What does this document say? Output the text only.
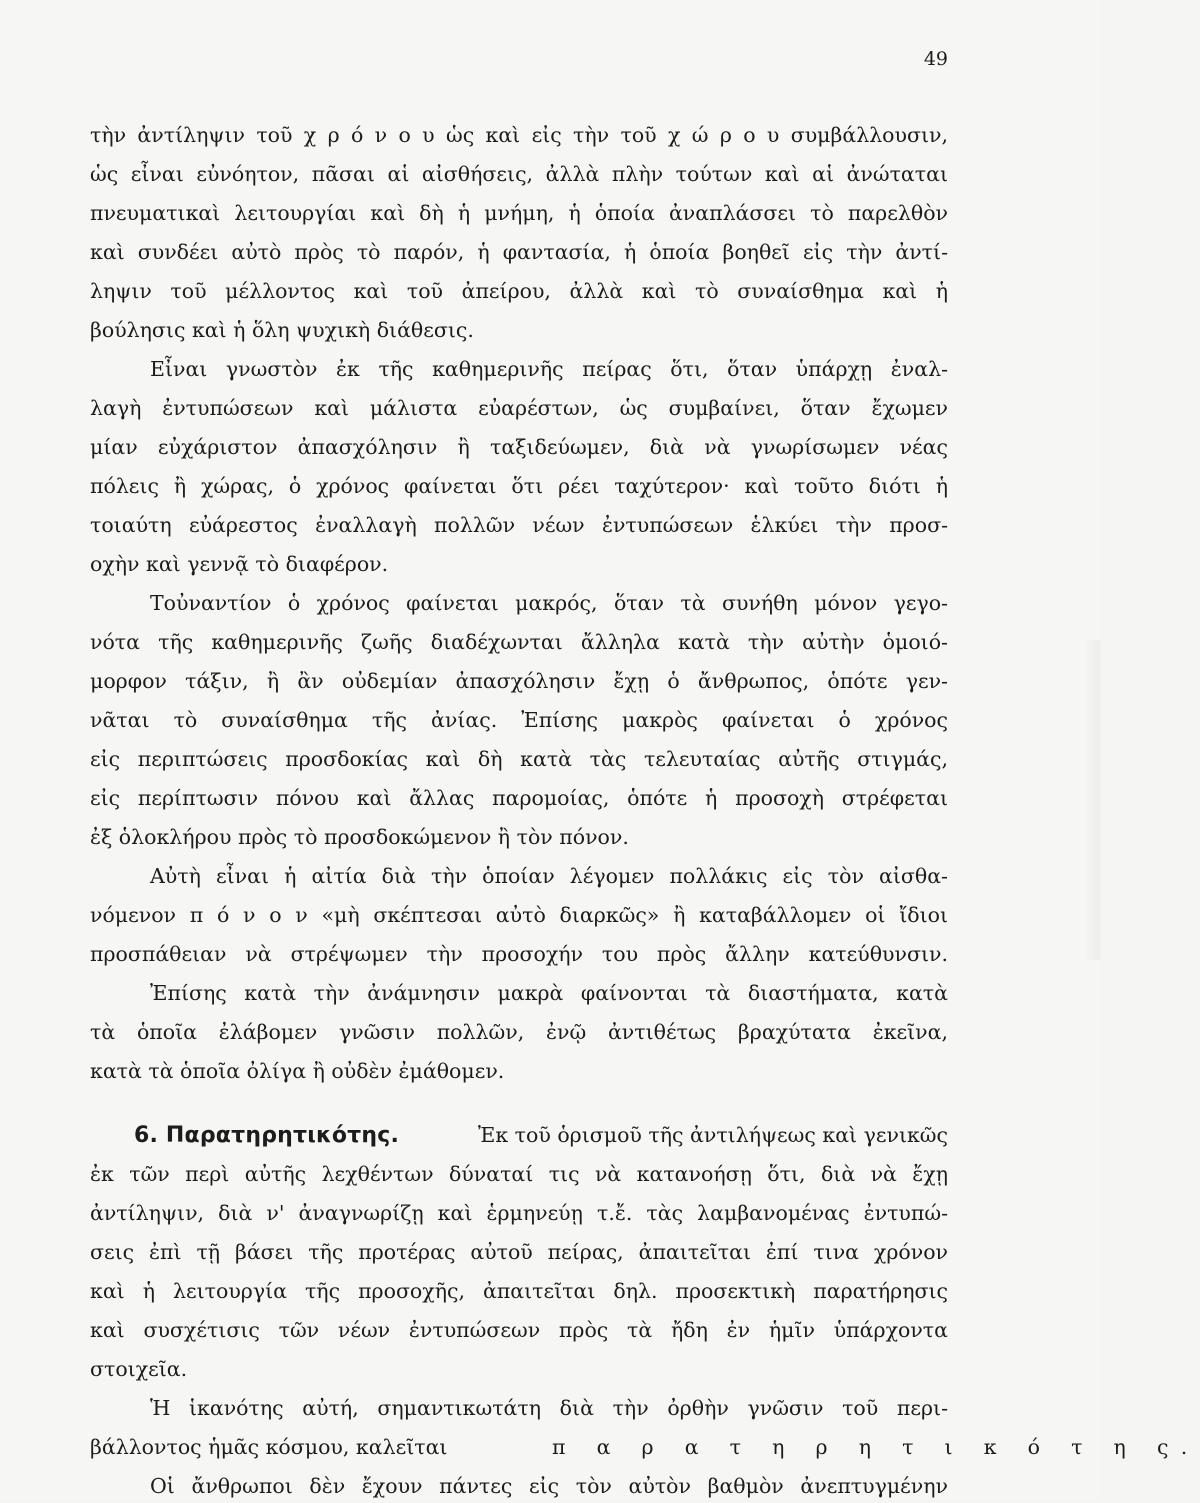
49
τὴν ἀντίληψιν τοῦ χ ρ ό ν ο υ ὡς καὶ εἰς τὴν τοῦ χ ώ ρ ο υ συμβάλλουσιν,
ὡς εἶναι εὐνόητον, πᾶσαι αἱ αἰσθήσεις, ἀλλὰ πλὴν τούτων καὶ αἱ ἀνώταται
πνευματικαὶ λειτουργίαι καὶ δὴ ἡ μνήμη, ἡ ὁποία ἀναπλάσσει τὸ παρελθὸν
καὶ συνδέει αὐτὸ πρὸς τὸ παρόν, ἡ φαντασία, ἡ ὁποία βοηθεῖ εἰς τὴν ἀντί-
ληψιν τοῦ μέλλοντος καὶ τοῦ ἀπείρου, ἀλλὰ καὶ τὸ συναίσθημα καὶ ἡ
βούλησις καὶ ἡ ὅλη ψυχικὴ διάθεσις.
Εἶναι γνωστὸν ἐκ τῆς καθημερινῆς πείρας ὅτι, ὅταν ὑπάρχῃ ἐναλ-
λαγὴ ἐντυπώσεων καὶ μάλιστα εὐαρέστων, ὡς συμβαίνει, ὅταν ἔχωμεν
μίαν εὐχάριστον ἀπασχόλησιν ἢ ταξιδεύωμεν, διὰ νὰ γνωρίσωμεν νέας
πόλεις ἢ χώρας, ὁ χρόνος φαίνεται ὅτι ρέει ταχύτερον· καὶ τοῦτο διότι ἡ
τοιαύτη εὐάρεστος ἐναλλαγὴ πολλῶν νέων ἐντυπώσεων ἑλκύει τὴν προσ-
οχὴν καὶ γεννᾷ τὸ διαφέρον.
Τοὐναντίον ὁ χρόνος φαίνεται μακρός, ὅταν τὰ συνήθη μόνον γεγο-
νότα τῆς καθημερινῆς ζωῆς διαδέχωνται ἄλληλα κατὰ τὴν αὐτὴν ὁμοιό-
μορφον τάξιν, ἢ ἂν οὐδεμίαν ἀπασχόλησιν ἔχῃ ὁ ἄνθρωπος, ὁπότε γεν-
νᾶται τὸ συναίσθημα τῆς ἀνίας. Ἐπίσης μακρὸς φαίνεται ὁ χρόνος
εἰς περιπτώσεις προσδοκίας καὶ δὴ κατὰ τὰς τελευταίας αὐτῆς στιγμάς,
εἰς περίπτωσιν πόνου καὶ ἄλλας παρομοίας, ὁπότε ἡ προσοχὴ στρέφεται
ἐξ ὁλοκλήρου πρὸς τὸ προσδοκώμενον ἢ τὸν πόνον.
Αὐτὴ εἶναι ἡ αἰτία διὰ τὴν ὁποίαν λέγομεν πολλάκις εἰς τὸν αἰσθα-
νόμενον π ό ν ο ν «μὴ σκέπτεσαι αὐτὸ διαρκῶς» ἢ καταβάλλομεν οἱ ἴδιοι
προσπάθειαν νὰ στρέψωμεν τὴν προσοχήν του πρὸς ἄλλην κατεύθυνσιν.
Ἐπίσης κατὰ τὴν ἀνάμνησιν μακρὰ φαίνονται τὰ διαστήματα, κατὰ
τὰ ὁποῖα ἐλάβομεν γνῶσιν πολλῶν, ἐνῷ ἀντιθέτως βραχύτατα ἐκεῖνα,
κατὰ τὰ ὁποῖα ὀλίγα ἢ οὐδὲν ἐμάθομεν.
6. Παρατηρητικότης.	Ἐκ τοῦ ὁρισμοῦ τῆς ἀντιλήψεως καὶ γενικῶς
ἐκ τῶν περὶ αὐτῆς λεχθέντων δύναταί τις νὰ κατανοήσῃ ὅτι, διὰ νὰ ἔχῃ
ἀντίληψιν, διὰ ν' ἀναγνωρίζῃ καὶ ἑρμηνεύῃ τ.ἔ. τὰς λαμβανομένας ἐντυπώ-
σεις ἐπὶ τῇ βάσει τῆς προτέρας αὐτοῦ πείρας, ἀπαιτεῖται ἐπί τινα χρόνον
καὶ ἡ λειτουργία τῆς προσοχῆς, ἀπαιτεῖται δηλ. προσεκτικὴ παρατήρησις
καὶ συσχέτισις τῶν νέων ἐντυπώσεων πρὸς τὰ ἤδη ἐν ἡμῖν ὑπάρχοντα
στοιχεῖα.
Ἡ ἱκανότης αὐτή, σημαντικωτάτη διὰ τὴν ὀρθὴν γνῶσιν τοῦ περι-
βάλλοντος ἡμᾶς κόσμου, καλεῖται	π α ρ α τ η ρ η τ ι κ ό τ η ς.
Οἱ ἄνθρωποι δὲν ἔχουν πάντες εἰς τὸν αὐτὸν βαθμὸν ἀνεπτυγμένην
